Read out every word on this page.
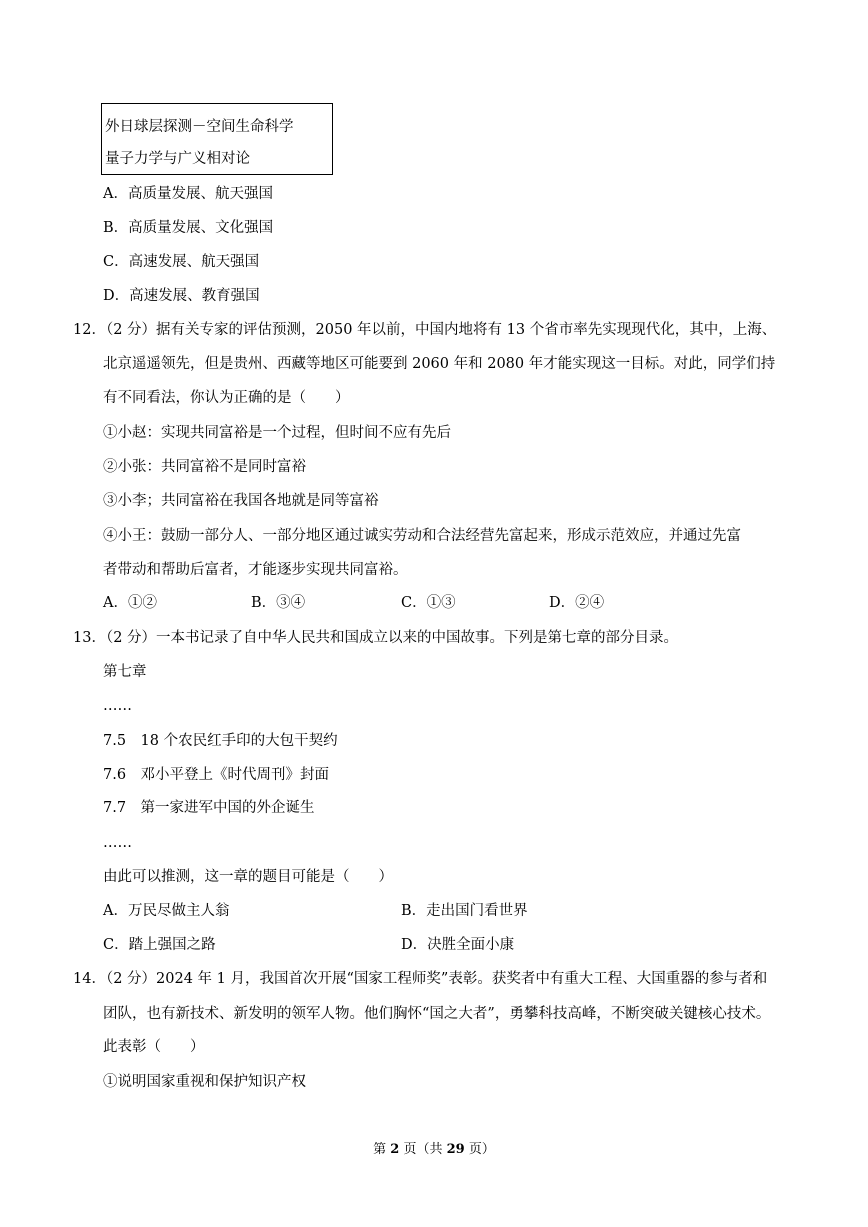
外日球层探测－空间生命科学
量子力学与广义相对论
A．高质量发展、航天强国
B．高质量发展、文化强国
C．高速发展、航天强国
D．高速发展、教育强国
12．（2 分）据有关专家的评估预测，2050 年以前，中国内地将有 13 个省市率先实现现代化，其中，上海、
北京遥遥领先，但是贵州、西藏等地区可能要到 2060 年和 2080 年才能实现这一目标。对此，同学们持
有不同看法，你认为正确的是（　　）
①小赵：实现共同富裕是一个过程，但时间不应有先后
②小张：共同富裕不是同时富裕
③小李；共同富裕在我国各地就是同等富裕
④小王：鼓励一部分人、一部分地区通过诚实劳动和合法经营先富起来，形成示范效应，并通过先富
者带动和帮助后富者，才能逐步实现共同富裕。
A．①②	B．③④	C．①③	D．②④
13．（2 分）一本书记录了自中华人民共和国成立以来的中国故事。下列是第七章的部分目录。
第七章
……
7.5　18 个农民红手印的大包干契约
7.6　邓小平登上《时代周刊》封面
7.7　第一家进军中国的外企诞生
……
由此可以推测，这一章的题目可能是（　　）
A．万民尽做主人翁	B．走出国门看世界
C．踏上强国之路	D．决胜全面小康
14．（2 分）2024 年 1 月，我国首次开展“国家工程师奖”表彰。获奖者中有重大工程、大国重器的参与者和
团队，也有新技术、新发明的领军人物。他们胸怀“国之大者”，勇攀科技高峰，不断突破关键核心技术。
此表彰（　　）
①说明国家重视和保护知识产权
第 2 页（共 29 页）
